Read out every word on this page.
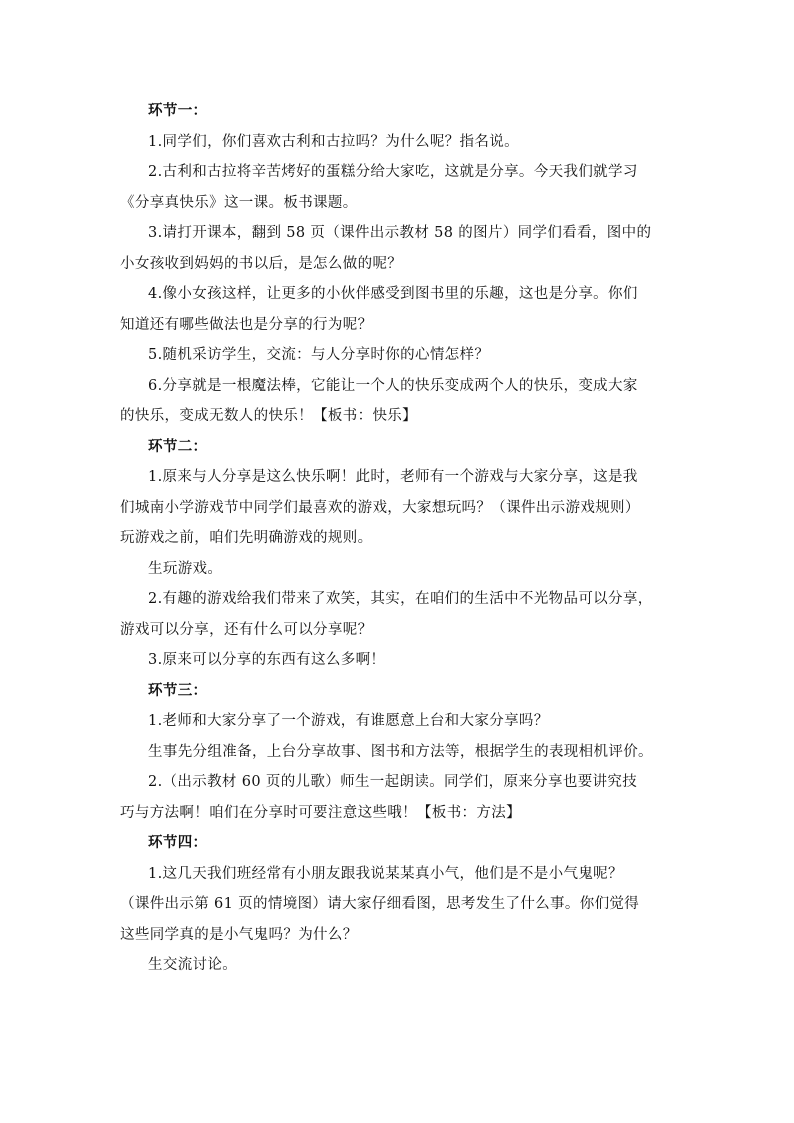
环节一：
1.同学们，你们喜欢古利和古拉吗？为什么呢？指名说。
2.古利和古拉将辛苦烤好的蛋糕分给大家吃，这就是分享。今天我们就学习
《分享真快乐》这一课。板书课题。
3.请打开课本，翻到 58 页（课件出示教材 58 的图片）同学们看看，图中的
小女孩收到妈妈的书以后，是怎么做的呢？
4.像小女孩这样，让更多的小伙伴感受到图书里的乐趣，这也是分享。你们
知道还有哪些做法也是分享的行为呢？
5.随机采访学生，交流：与人分享时你的心情怎样？
6.分享就是一根魔法棒，它能让一个人的快乐变成两个人的快乐，变成大家
的快乐，变成无数人的快乐！【板书：快乐】
环节二：
1.原来与人分享是这么快乐啊！此时，老师有一个游戏与大家分享，这是我
们城南小学游戏节中同学们最喜欢的游戏，大家想玩吗？（课件出示游戏规则）
玩游戏之前，咱们先明确游戏的规则。
生玩游戏。
2.有趣的游戏给我们带来了欢笑，其实，在咱们的生活中不光物品可以分享，
游戏可以分享，还有什么可以分享呢？
3.原来可以分享的东西有这么多啊！
环节三：
1.老师和大家分享了一个游戏，有谁愿意上台和大家分享吗？
生事先分组准备，上台分享故事、图书和方法等，根据学生的表现相机评价。
2.（出示教材 60 页的儿歌）师生一起朗读。同学们，原来分享也要讲究技
巧与方法啊！咱们在分享时可要注意这些哦！【板书：方法】
环节四：
1.这几天我们班经常有小朋友跟我说某某真小气，他们是不是小气鬼呢？
（课件出示第 61 页的情境图）请大家仔细看图，思考发生了什么事。你们觉得
这些同学真的是小气鬼吗？为什么？
生交流讨论。
